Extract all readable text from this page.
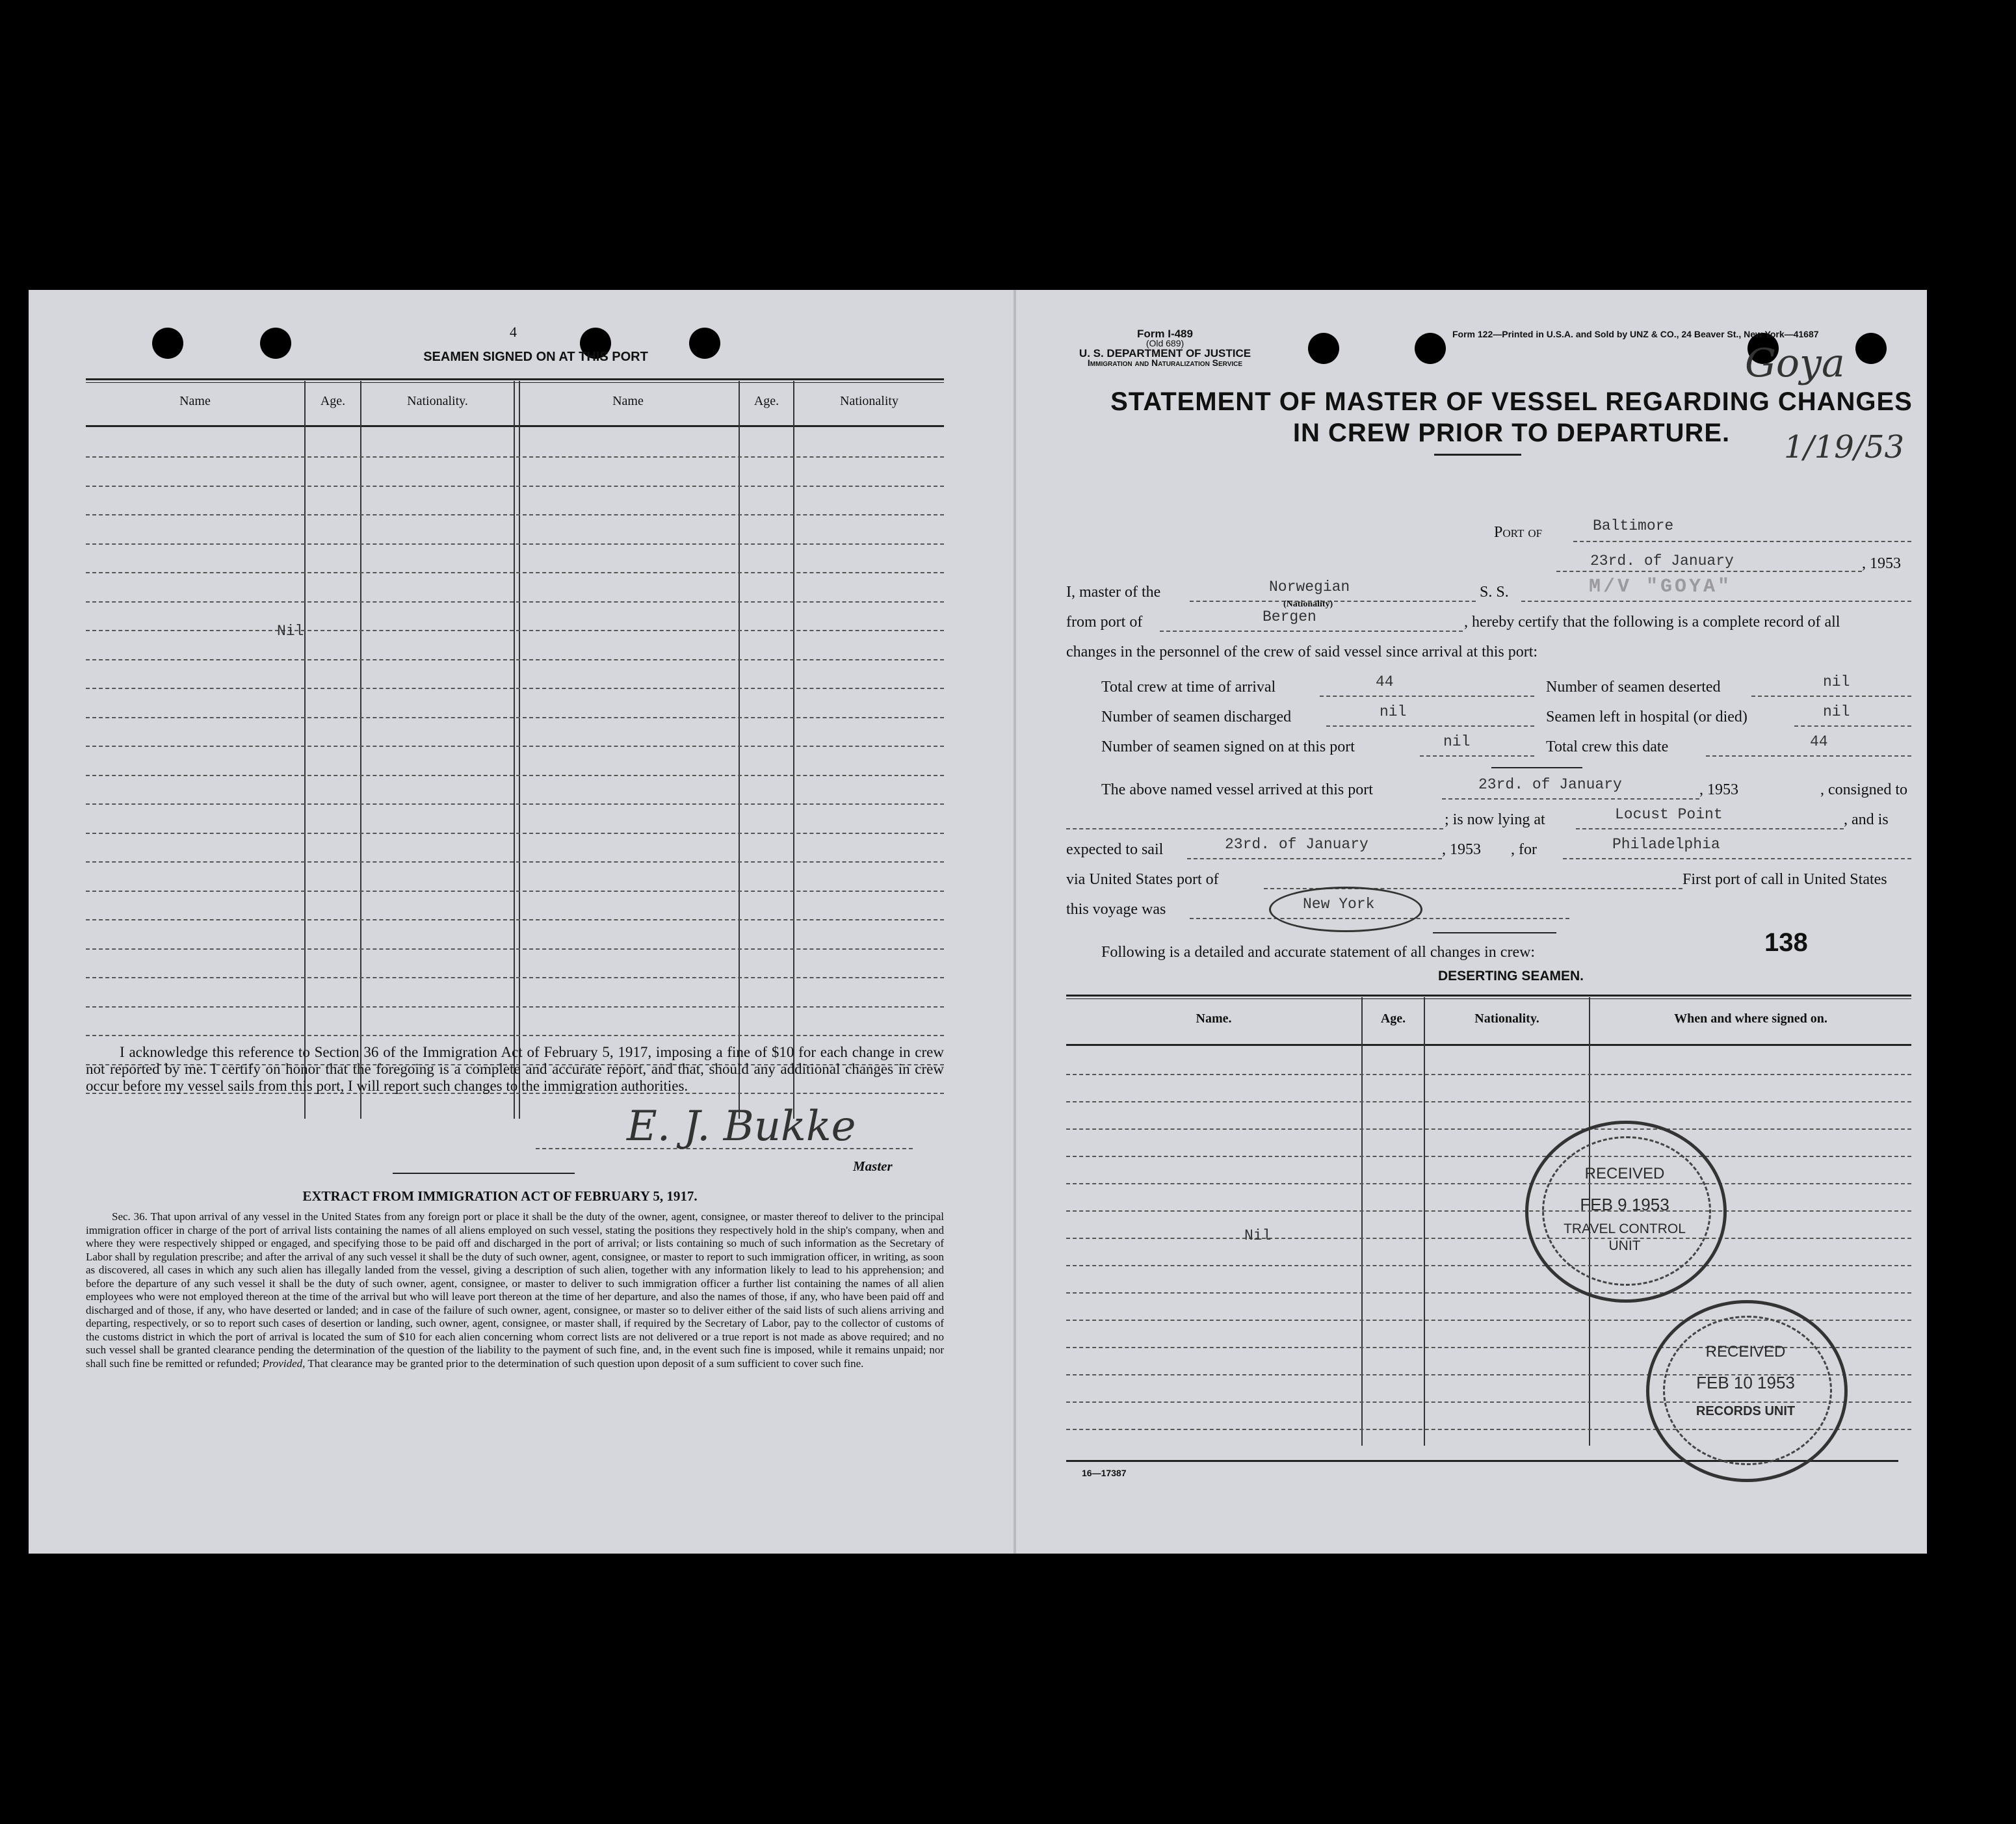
4
SEAMEN SIGNED ON AT THIS PORT
Name	Age.	Nationality.	Name	Age.	Nationality
Nil
I acknowledge this reference to Section 36 of the Immigration Act of February 5, 1917, imposing a fine of $10 for each change in crew not reported by me. I certify on honor that the foregoing is a complete and accurate report, and that, should any additional changes in crew occur before my vessel sails from this port, I will report such changes to the immigration authorities.
E. J. Bukke
Master
EXTRACT FROM IMMIGRATION ACT OF FEBRUARY 5, 1917.
Sec. 36. That upon arrival of any vessel in the United States from any foreign port or place it shall be the duty of the owner, agent, consignee, or master thereof to deliver to the principal immigration officer in charge of the port of arrival lists containing the names of all aliens employed on such vessel, stating the positions they respectively hold in the ship's company, when and where they were respectively shipped or engaged, and specifying those to be paid off and discharged in the port of arrival; or lists containing so much of such information as the Secretary of Labor shall by regulation prescribe; and after the arrival of any such vessel it shall be the duty of such owner, agent, consignee, or master to report to such immigration officer, in writing, as soon as discovered, all cases in which any such alien has illegally landed from the vessel, giving a description of such alien, together with any information likely to lead to his apprehension; and before the departure of any such vessel it shall be the duty of such owner, agent, consignee, or master to deliver to such immigration officer a further list containing the names of all alien employees who were not employed thereon at the time of the arrival but who will leave port thereon at the time of her departure, and also the names of those, if any, who have been paid off and discharged and of those, if any, who have deserted or landed; and in case of the failure of such owner, agent, consignee, or master so to deliver either of the said lists of such aliens arriving and departing, respectively, or so to report such cases of desertion or landing, such owner, agent, consignee, or master shall, if required by the Secretary of Labor, pay to the collector of customs of the customs district in which the port of arrival is located the sum of $10 for each alien concerning whom correct lists are not delivered or a true report is not made as above required; and no such vessel shall be granted clearance pending the determination of the question of the liability to the payment of such fine, and, in the event such fine is imposed, while it remains unpaid; nor shall such fine be remitted or refunded; Provided, That clearance may be granted prior to the determination of such question upon deposit of a sum sufficient to cover such fine.
Form I-489
(Old 689)
U. S. DEPARTMENT OF JUSTICE
Immigration and Naturalization Service
Form 122—Printed in U.S.A. and Sold by UNZ & CO., 24 Beaver St., New York—41687
STATEMENT OF MASTER OF VESSEL REGARDING CHANGES
IN CREW PRIOR TO DEPARTURE.
Goya
1/19/53
Port of	Baltimore
23rd. of January	, 1953
I, master of the	Norwegian
(Nationality)
S. S.	M/V "GOYA"
from port of	Bergen	, hereby certify that the following is a complete record of all
changes in the personnel of the crew of said vessel since arrival at this port:
Total crew at time of arrival	44	Number of seamen deserted	nil
Number of seamen discharged	nil	Seamen left in hospital (or died)	nil
Number of seamen signed on at this port	nil	Total crew this date	44
The above named vessel arrived at this port	23rd. of January	, 1953	, consigned to
; is now lying at	Locust Point	, and is
expected to sail	23rd. of January	, 1953 , for	Philadelphia
via United States port of	First port of call in United States
this voyage was	New York
Following is a detailed and accurate statement of all changes in crew:	138
DESERTING SEAMEN.
Name.	Age.	Nationality.	When and where signed on.
Nil
16—17387
RECEIVED
FEB 9 1953
TRAVEL CONTROL UNIT
RECEIVED
FEB 10 1953
RECORDS UNIT
